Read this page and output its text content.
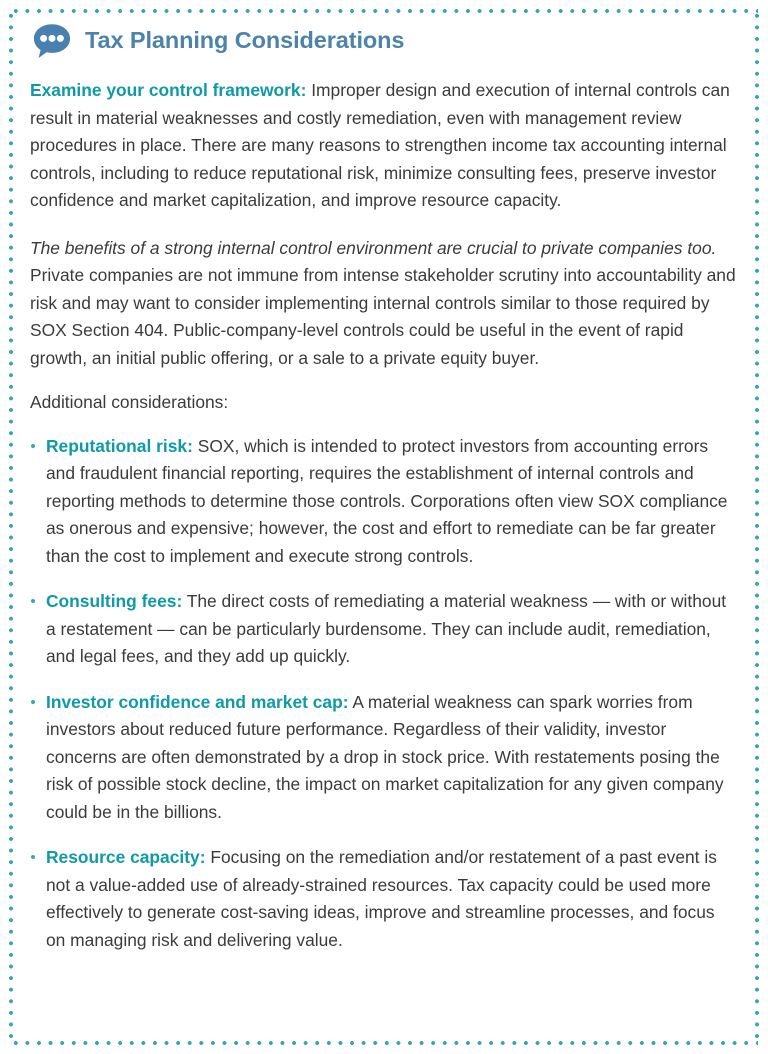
Tax Planning Considerations

Examine your control framework: Improper design and execution of internal controls can result in material weaknesses and costly remediation, even with management review procedures in place. There are many reasons to strengthen income tax accounting internal controls, including to reduce reputational risk, minimize consulting fees, preserve investor confidence and market capitalization, and improve resource capacity.

The benefits of a strong internal control environment are crucial to private companies too. Private companies are not immune from intense stakeholder scrutiny into accountability and risk and may want to consider implementing internal controls similar to those required by SOX Section 404. Public-company-level controls could be useful in the event of rapid growth, an initial public offering, or a sale to a private equity buyer.

Additional considerations:

Reputational risk: SOX, which is intended to protect investors from accounting errors and fraudulent financial reporting, requires the establishment of internal controls and reporting methods to determine those controls. Corporations often view SOX compliance as onerous and expensive; however, the cost and effort to remediate can be far greater than the cost to implement and execute strong controls.
Consulting fees: The direct costs of remediating a material weakness — with or without a restatement — can be particularly burdensome. They can include audit, remediation, and legal fees, and they add up quickly.
Investor confidence and market cap: A material weakness can spark worries from investors about reduced future performance. Regardless of their validity, investor concerns are often demonstrated by a drop in stock price. With restatements posing the risk of possible stock decline, the impact on market capitalization for any given company could be in the billions.
Resource capacity: Focusing on the remediation and/or restatement of a past event is not a value-added use of already-strained resources. Tax capacity could be used more effectively to generate cost-saving ideas, improve and streamline processes, and focus on managing risk and delivering value.
